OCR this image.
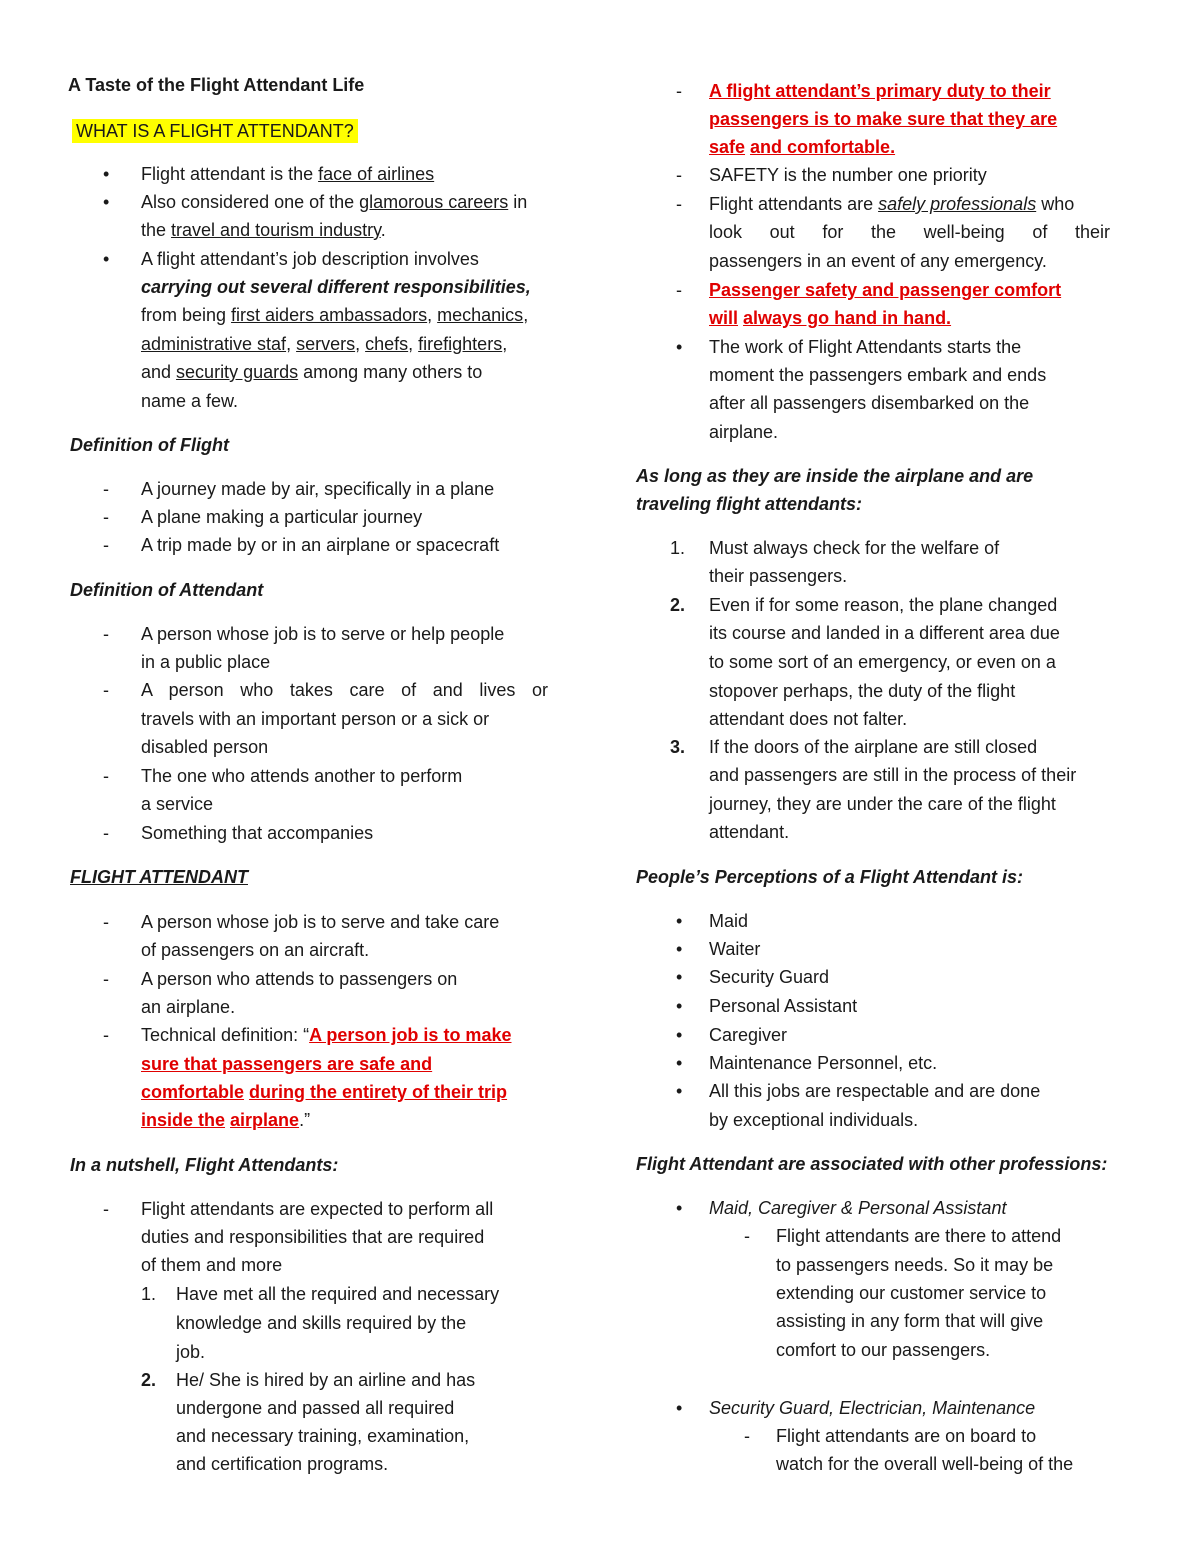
A Taste of the Flight Attendant Life
WHAT IS A FLIGHT ATTENDANT?
• Flight attendant is the face of airlines
• Also considered one of the glamorous careers in
the travel and tourism industry.
• A flight attendant’s job description involves
carrying out several different responsibilities,
from being first aiders ambassadors, mechanics,
administrative staf, servers, chefs, firefighters,
and security guards among many others to
name a few.
Definition of Flight
- A journey made by air, specifically in a plane
- A plane making a particular journey
- A trip made by or in an airplane or spacecraft
Definition of Attendant
- A person whose job is to serve or help people
in a public place
- A person who takes care of and lives or
travels with an important person or a sick or
disabled person
- The one who attends another to perform
a service
- Something that accompanies
FLIGHT ATTENDANT
- A person whose job is to serve and take care
of passengers on an aircraft.
- A person who attends to passengers on
an airplane.
- Technical definition: “A person job is to make
sure that passengers are safe and
comfortable during the entirety of their trip
inside the airplane.”
In a nutshell, Flight Attendants:
- Flight attendants are expected to perform all
duties and responsibilities that are required
of them and more
1. Have met all the required and necessary
knowledge and skills required by the
job.
2. He/ She is hired by an airline and has
undergone and passed all required
and necessary training, examination,
and certification programs.
- A flight attendant’s primary duty to their
passengers is to make sure that they are
safe and comfortable.
- SAFETY is the number one priority
- Flight attendants are safely professionals who
look out for the well-being of their
passengers in an event of any emergency.
- Passenger safety and passenger comfort
will always go hand in hand.
• The work of Flight Attendants starts the
moment the passengers embark and ends
after all passengers disembarked on the
airplane.
As long as they are inside the airplane and are
traveling flight attendants:
1. Must always check for the welfare of
their passengers.
2. Even if for some reason, the plane changed
its course and landed in a different area due
to some sort of an emergency, or even on a
stopover perhaps, the duty of the flight
attendant does not falter.
3. If the doors of the airplane are still closed
and passengers are still in the process of their
journey, they are under the care of the flight
attendant.
People’s Perceptions of a Flight Attendant is:
• Maid
• Waiter
• Security Guard
• Personal Assistant
• Caregiver
• Maintenance Personnel, etc.
• All this jobs are respectable and are done
by exceptional individuals.
Flight Attendant are associated with other professions:
• Maid, Caregiver & Personal Assistant
- Flight attendants are there to attend
to passengers needs. So it may be
extending our customer service to
assisting in any form that will give
comfort to our passengers.
• Security Guard, Electrician, Maintenance
- Flight attendants are on board to
watch for the overall well-being of the
